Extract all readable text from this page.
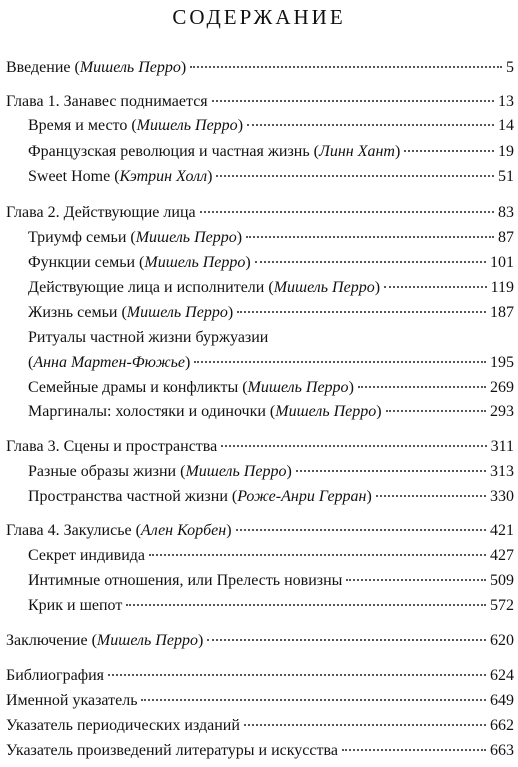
СОДЕРЖАНИЕ
Введение (Мишель Перро)	5
Глава 1. Занавес поднимается	13
Время и место (Мишель Перро)	14
Французская революция и частная жизнь (Линн Хант)	19
Sweet Home (Кэтрин Холл)	51
Глава 2. Действующие лица	83
Триумф семьи (Мишель Перро)	87
Функции семьи (Мишель Перро)	101
Действующие лица и исполнители (Мишель Перро)	119
Жизнь семьи (Мишель Перро)	187
Ритуалы частной жизни буржуазии
(Анна Мартен-Фюжье)	195
Семейные драмы и конфликты (Мишель Перро)	269
Маргиналы: холостяки и одиночки (Мишель Перро)	293
Глава 3. Сцены и пространства	311
Разные образы жизни (Мишель Перро)	313
Пространства частной жизни (Роже-Анри Герран)	330
Глава 4. Закулисье (Ален Корбен)	421
Секрет индивида	427
Интимные отношения, или Прелесть новизны	509
Крик и шепот	572
Заключение (Мишель Перро)	620
Библиография	624
Именной указатель	649
Указатель периодических изданий	662
Указатель произведений литературы и искусства	663
